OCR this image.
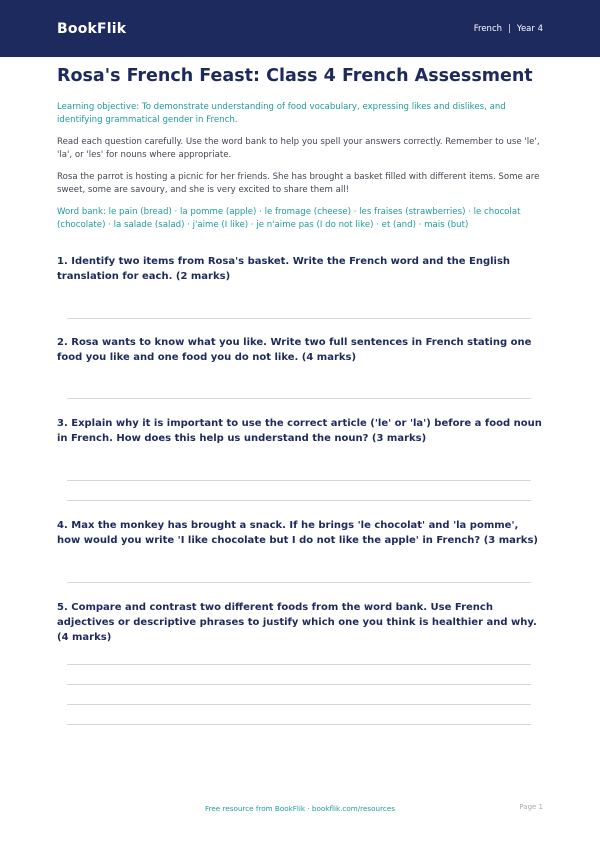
BookFlik	French | Year 4
Rosa's French Feast: Class 4 French Assessment

Learning objective: To demonstrate understanding of food vocabulary, expressing likes and dislikes, and identifying grammatical gender in French.

Read each question carefully. Use the word bank to help you spell your answers correctly. Remember to use 'le', 'la', or 'les' for nouns where appropriate.

Rosa the parrot is hosting a picnic for her friends. She has brought a basket filled with different items. Some are sweet, some are savoury, and she is very excited to share them all!

Word bank: le pain (bread) · la pomme (apple) · le fromage (cheese) · les fraises (strawberries) · le chocolat (chocolate) · la salade (salad) · j'aime (I like) · je n'aime pas (I do not like) · et (and) · mais (but)

1. Identify two items from Rosa's basket. Write the French word and the English translation for each. (2 marks)
2. Rosa wants to know what you like. Write two full sentences in French stating one food you like and one food you do not like. (4 marks)
3. Explain why it is important to use the correct article ('le' or 'la') before a food noun in French. How does this help us understand the noun? (3 marks)
4. Max the monkey has brought a snack. If he brings 'le chocolat' and 'la pomme', how would you write 'I like chocolate but I do not like the apple' in French? (3 marks)
5. Compare and contrast two different foods from the word bank. Use French adjectives or descriptive phrases to justify which one you think is healthier and why. (4 marks)
Free resource from BookFlik · bookflik.com/resources	Page 1
